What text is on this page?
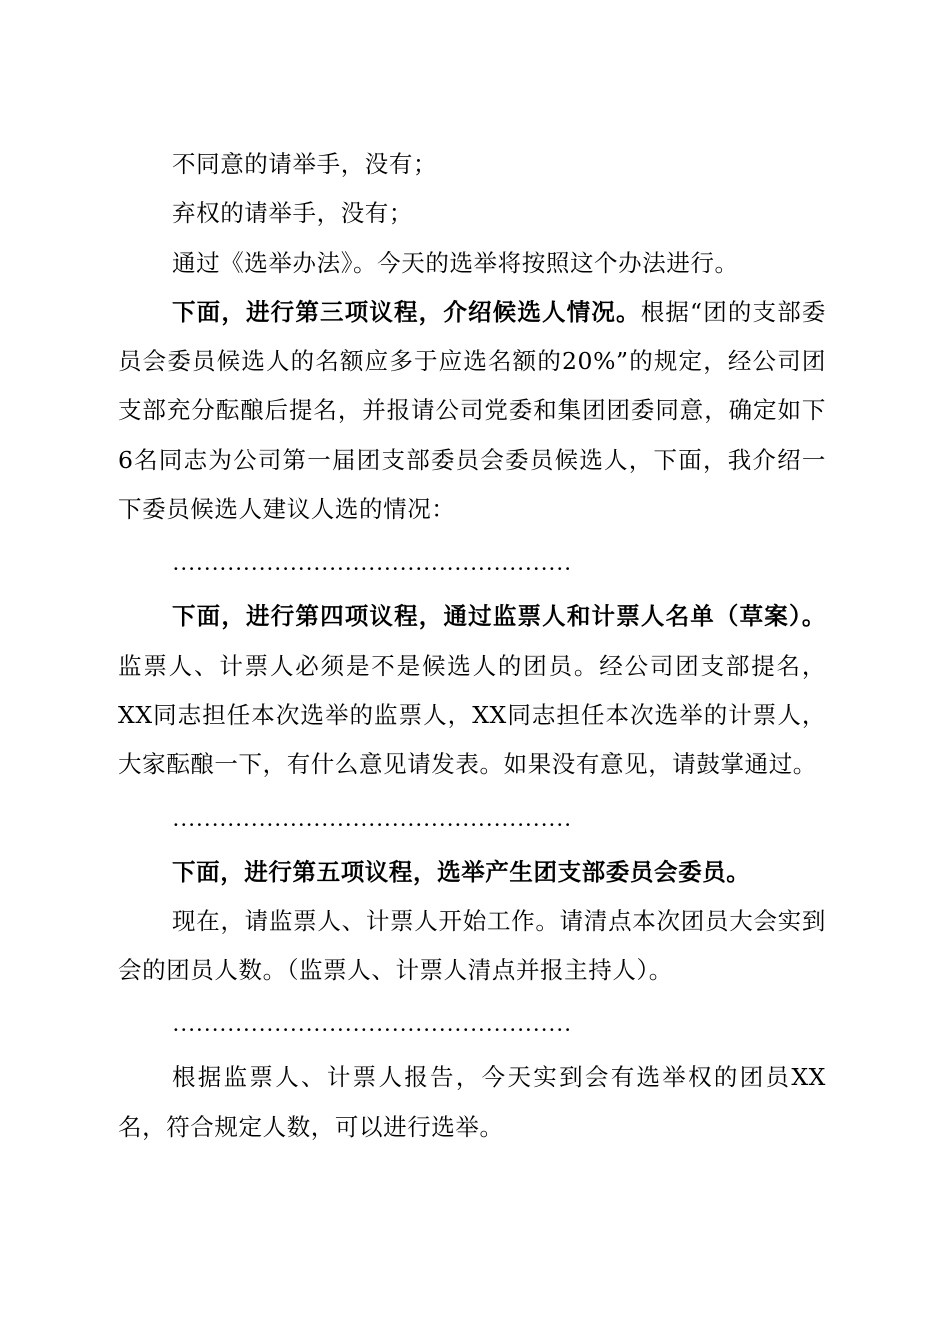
不同意的请举手，没有；

弃权的请举手，没有；

通过《选举办法》。今天的选举将按照这个办法进行。

下面，进行第三项议程，介绍候选人情况。根据“团的支部委员会委员候选人的名额应多于应选名额的20%”的规定，经公司团支部充分酝酿后提名，并报请公司党委和集团团委同意，确定如下6名同志为公司第一届团支部委员会委员候选人，下面，我介绍一下委员候选人建议人选的情况：

……………………………………………

下面，进行第四项议程，通过监票人和计票人名单（草案）。监票人、计票人必须是不是候选人的团员。经公司团支部提名，XX同志担任本次选举的监票人，XX同志担任本次选举的计票人，大家酝酿一下，有什么意见请发表。如果没有意见，请鼓掌通过。

……………………………………………

下面，进行第五项议程，选举产生团支部委员会委员。

现在，请监票人、计票人开始工作。请清点本次团员大会实到会的团员人数。（监票人、计票人清点并报主持人）。

……………………………………………

根据监票人、计票人报告，今天实到会有选举权的团员XX名，符合规定人数，可以进行选举。
